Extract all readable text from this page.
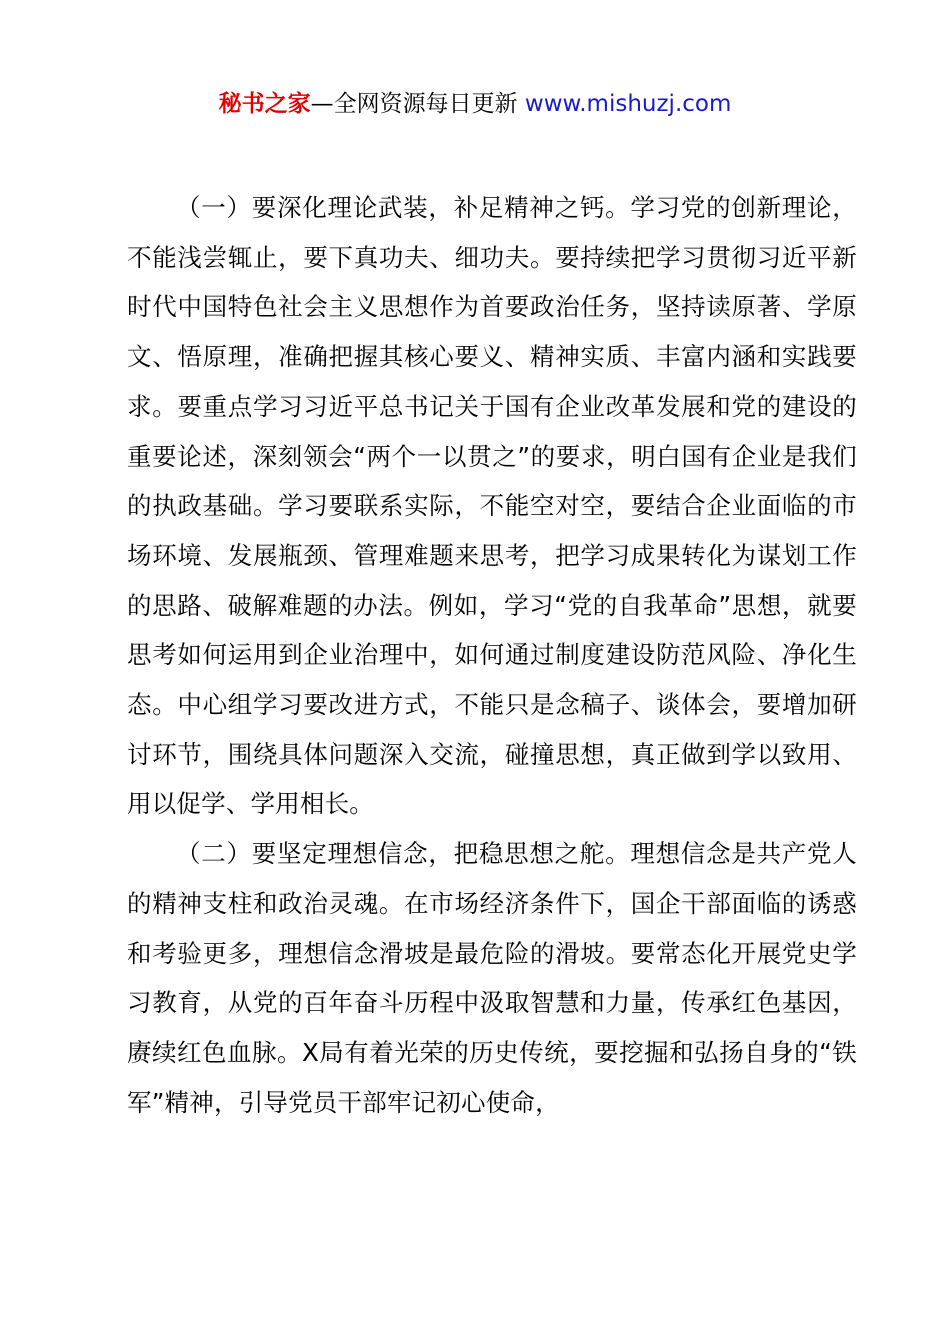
秘书之家—全网资源每日更新 www.mishuzj.com

（一）要深化理论武装，补足精神之钙。学习党的创新理论，不能浅尝辄止，要下真功夫、细功夫。要持续把学习贯彻习近平新时代中国特色社会主义思想作为首要政治任务，坚持读原著、学原文、悟原理，准确把握其核心要义、精神实质、丰富内涵和实践要求。要重点学习习近平总书记关于国有企业改革发展和党的建设的重要论述，深刻领会“两个一以贯之”的要求，明白国有企业是我们的执政基础。学习要联系实际，不能空对空，要结合企业面临的市场环境、发展瓶颈、管理难题来思考，把学习成果转化为谋划工作的思路、破解难题的办法。例如，学习“党的自我革命”思想，就要思考如何运用到企业治理中，如何通过制度建设防范风险、净化生态。中心组学习要改进方式，不能只是念稿子、谈体会，要增加研讨环节，围绕具体问题深入交流，碰撞思想，真正做到学以致用、用以促学、学用相长。

（二）要坚定理想信念，把稳思想之舵。理想信念是共产党人的精神支柱和政治灵魂。在市场经济条件下，国企干部面临的诱惑和考验更多，理想信念滑坡是最危险的滑坡。要常态化开展党史学习教育，从党的百年奋斗历程中汲取智慧和力量，传承红色基因，赓续红色血脉。X局有着光荣的历史传统，要挖掘和弘扬自身的“铁军”精神，引导党员干部牢记初心使命，
